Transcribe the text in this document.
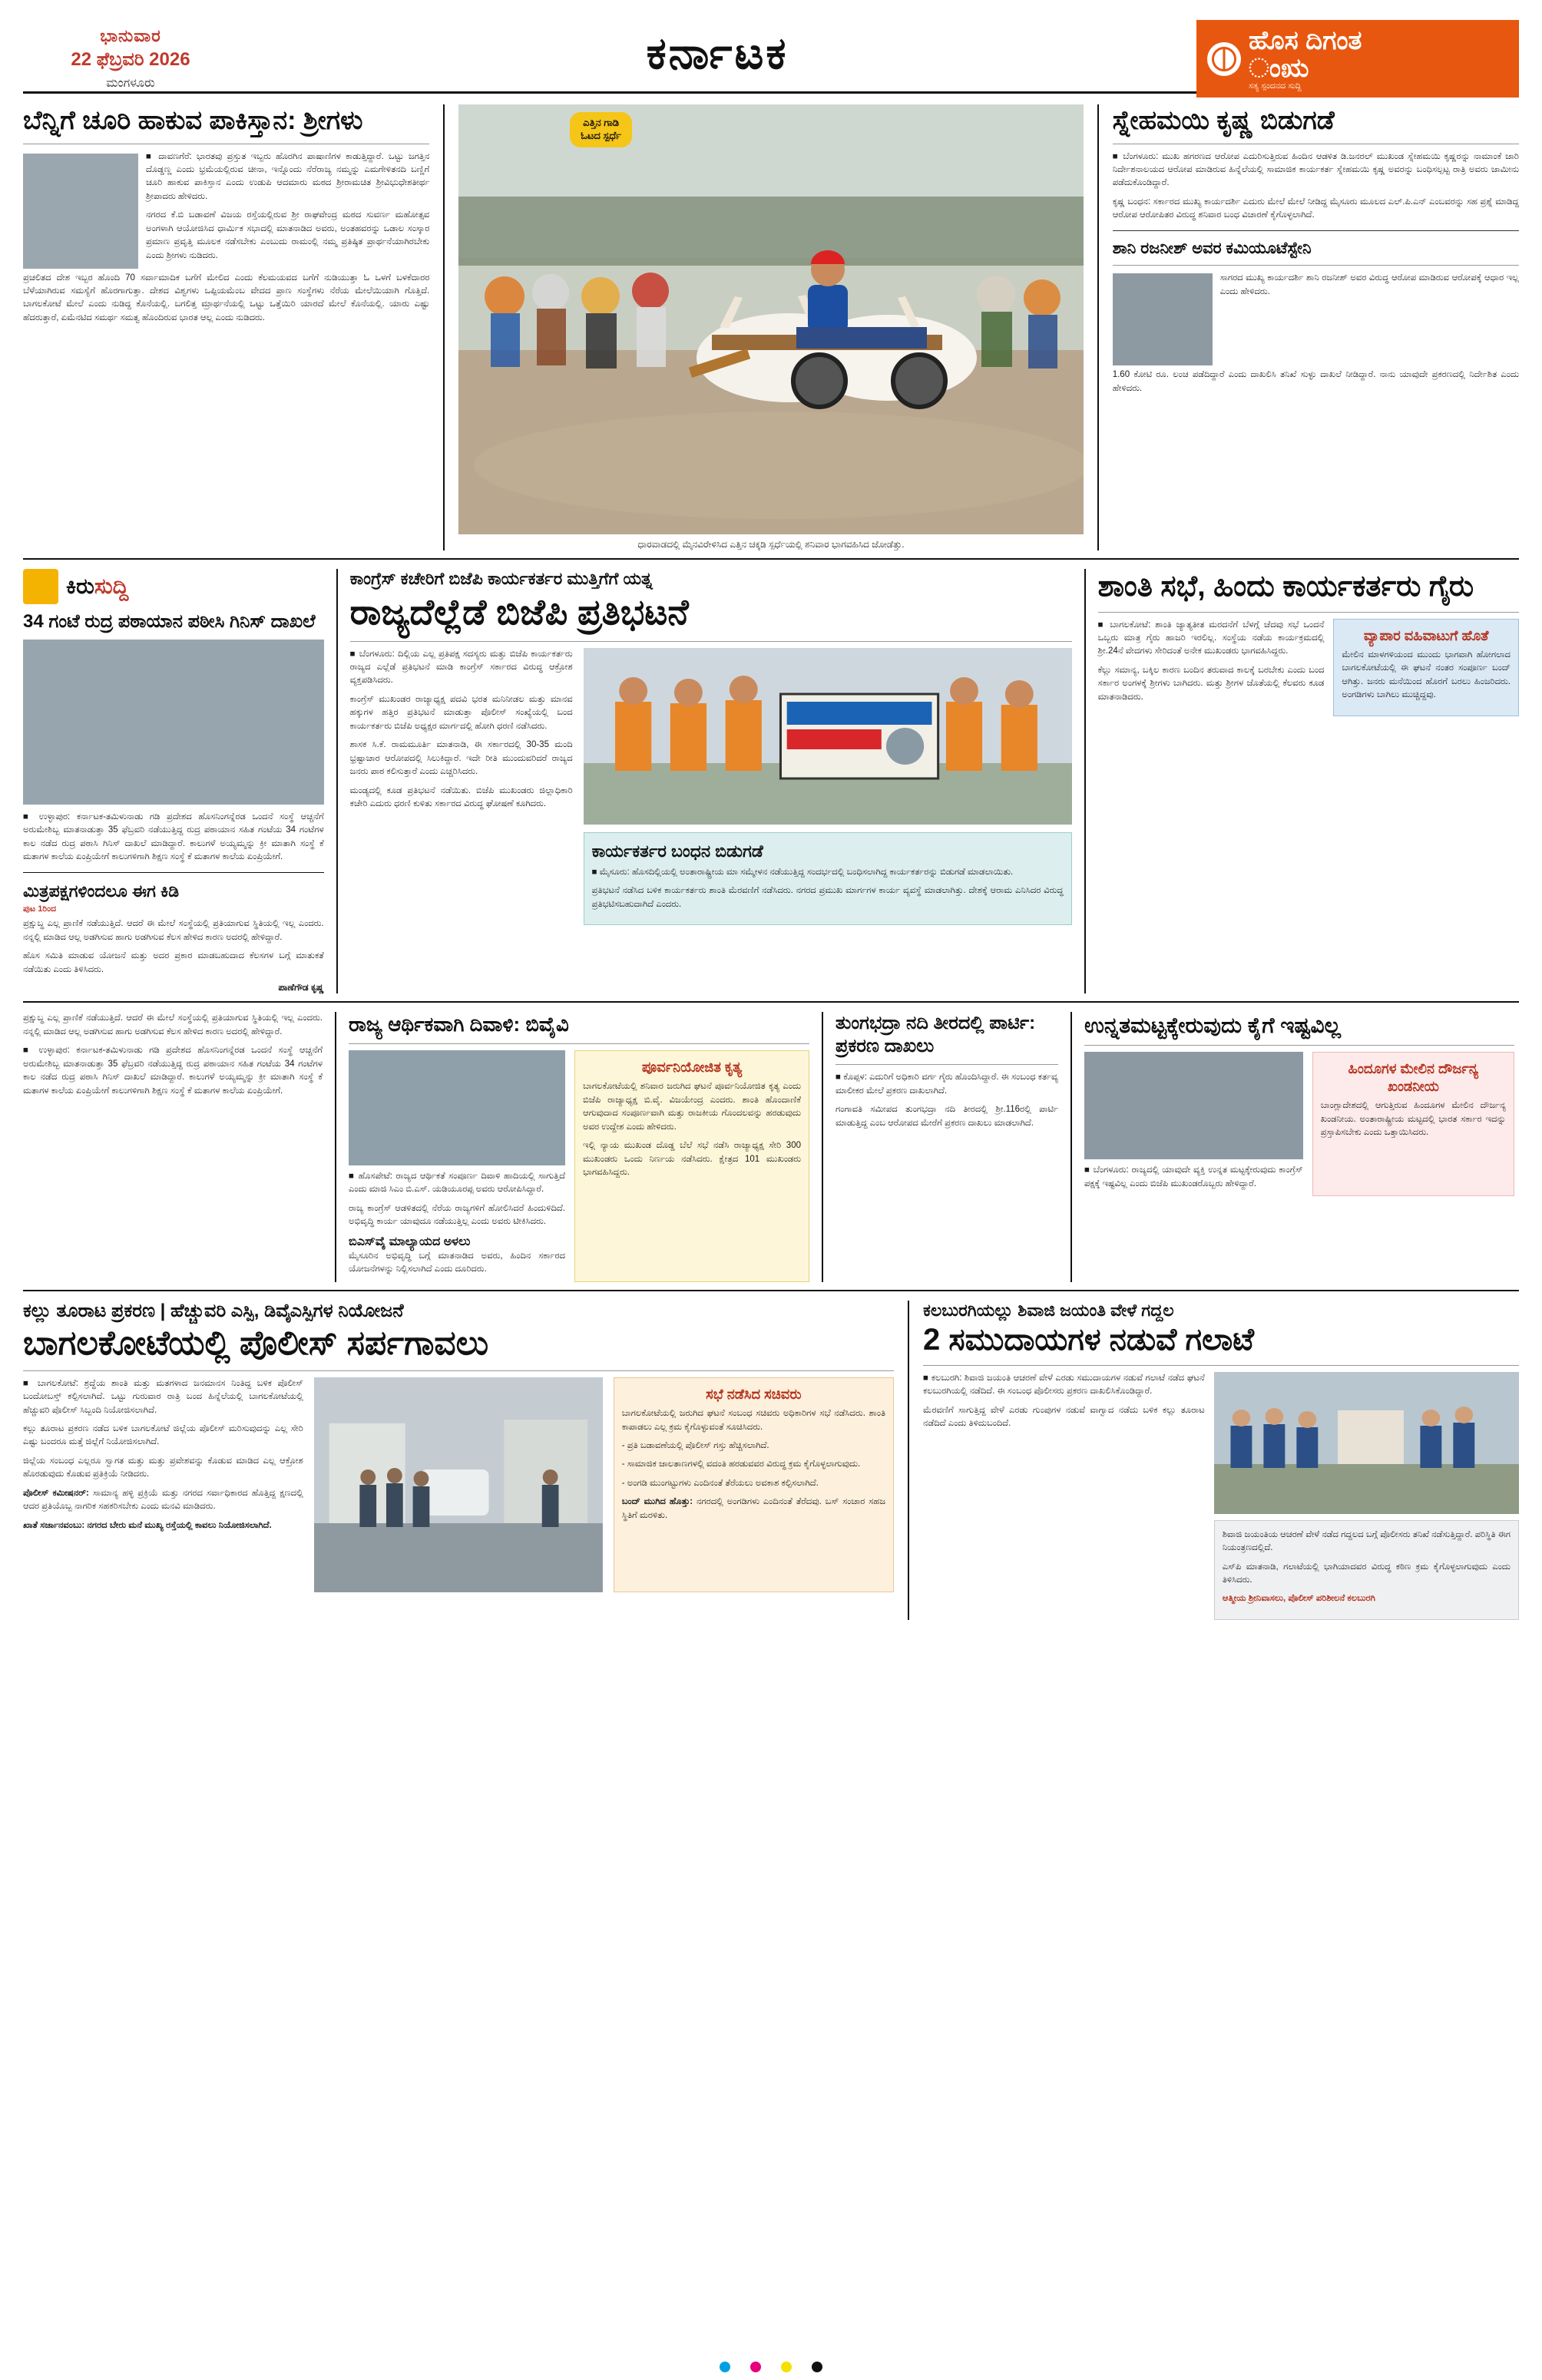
ಭಾನುವಾರ
22 ಫೆಬ್ರವರಿ 2026
ಮಂಗಳೂರು
ಕರ್ನಾಟಕ	ಹೊಸ ದಿಗಂತ
ಂಋ
ಸತ್ಯ ಸ್ಪಂದನದ ಸುದ್ದಿ
ಬೆನ್ನಿಗೆ ಚೂರಿ ಹಾಕುವ ಪಾಕಿಸ್ತಾನ: ಶ್ರೀಗಳು

■ ದಾವಣಗೆರೆ: ಭಾರತವು ಪ್ರಸ್ತುತ ಇಬ್ಬರು ಹೊರಗಿನ ಪಾಷಾಣಿಗಳ ಕಾಡುತ್ತಿದ್ದಾರೆ. ಒಟ್ಟು ಜಗತ್ತಿನ ದೊಡ್ಡಣ್ಣ ಎಂದು ಭ್ರಮೆಯಲ್ಲಿರುವ ಚೀನಾ, ಇನ್ನೊಂದು ನೆರೆರಾಜ್ಯ ನಮ್ಮನ್ನು ಎಮಗೇಳಿತನದಿ ಬಣ್ಣಿಗೆ ಚೂರಿ ಹಾಕುವ ಪಾಕಿಸ್ತಾನ ಎಂದು ಉಡುಪಿ ಆದಮಾರು ಮಠದ ಶ್ರೀರಾಮಚಿತ ಶ್ರೀವಿಭುಧೇಶತೀರ್ಥ ಶ್ರೀಪಾದರು ಹೇಳಿದರು.

ನಗರದ ಕೆ.ಬಿ ಬಡಾವಣೆ ವಿಜಯ ರಸ್ತೆಯಲ್ಲಿರುವ ಶ್ರೀ ರಾಘವೇಂದ್ರ ಮಠದ ಸುವರ್ಣ ಮಹೋತ್ಸವ ಅಂಗಳಾಗಿ ಆಯೋಜಿಸಿದ ಧಾರ್ಮಿಕ ಸಭಾದಲ್ಲಿ ಮಾತನಾಡಿದ ಅವರು, ಅಂತಹವರನ್ನು ಒಡಾಲ ಸಂಸ್ಕಾರ ಪ್ರಮಾಣ ಪ್ರವೃತ್ತಿ ಮೂಲಕ ನಡೆಸಬೇಕು ಎಂಬುದು ರಾಮಂಲ್ಲಿ ನಮ್ಮ ಪ್ರತಿಷ್ಠಿತ ಪ್ರಾರ್ಥನೆಯಾಗಿರಬೇಕು ಎಂದು ಶ್ರೀಗಳು ನುಡಿದರು.

ಪ್ರಚಲಿತದ ದೇಶ ಇಬ್ಬರ ಹೊಂದಿ 70 ಸರ್ವಾಮಾದಿಕ ಬಗೆಗೆ ಮೇಲಿದ ಎಂದು ಕೆಲಮಯವದ ಬಗೆಗೆ ನುಡಿಯುತ್ತಾ ಓ ಒಳಗೆ ಬಳಕೆದಾರರ ಬೆಳೆಯಾಗಿರುವ ಸಮಸ್ಯೆಗೆ ಹೊರಗಾಗುತ್ತಾ. ದೇಶದ ವಿಶ್ವಗಳು ಒಪ್ಪಿಯಮೆಂಬ ವೇದದ ಪ್ರಾಣ ಸಂಸ್ಥೆಗಳು ನೆರೆಯ ಮೇಲೆಯಿಯಾಗಿ ಗೊತ್ತಿದೆ. ಬಾಗಲಕೋಟೆ ಮೇಲೆ ಎಂದು ನುಡಿದ್ದ ಕೊನೆಯಲ್ಲಿ. ಬಗಲಿತ್ತ ಮ್ರಾರ್ಥನೆಯಲ್ಲಿ ಒಟ್ಟು ಒತ್ತೆಯಿರಿ ಯಾರದೆ ಮೇಲೆ ಕೊನೆಯಲ್ಲಿ. ಯಾರು ಎಷ್ಟು ಹೆದರುತ್ತಾರೆ, ಏಮೆನಟಿದ ಸಮರ್ಥ ಸಮತ್ವ ಹೊಂದಿರುವ ಭಾರತ ಆಲ್ಲ ಎಂದು ನುಡಿದರು.

ಎತ್ತಿನ ಗಾಡಿ
ಓಟದ ಸ್ಪರ್ಧೆ
ಧಾರವಾಡದಲ್ಲಿ ಮೈನವಿರೇಳಿಸಿದ ಎತ್ತಿನ ಚಕ್ಕಡಿ ಸ್ಪರ್ಧೆಯಲ್ಲಿ ಶನಿವಾರ ಭಾಗವಹಿಸಿದ ಜೋಡೆತ್ತು.
ಸ್ನೇಹಮಯಿ ಕೃಷ್ಣ ಬಿಡುಗಡೆ

■ ಬೆಂಗಳೂರು: ಮುಖ ಹಗರಣದ ಆರೋಪ ಎದುರಿಸುತ್ತಿರುವ ಹಿಂದಿನ ಆಡಳಿತ ಡಿ.ಜನರಲ್ ಮುಖಂಡ ಸ್ನೇಹಮಯಿ ಕೃಷ್ಣರನ್ನು ನಾಮಾಂಕೆ ಜಾರಿ ನಿರ್ದೇಶನಾಲಯದ ಆರೋಪ ಮಾಡಿರುವ ಹಿನ್ನೆಲೆಯಲ್ಲಿ ಸಾಮಾಜಿಕ ಕಾರ್ಯಕರ್ತ ಸ್ನೇಹಮಯಿ ಕೃಷ್ಣ ಅವರನ್ನು ಬಂಧಿಸಲ್ಪಟ್ಟ ರಾತ್ರಿ ಅವರು ಜಾಮೀನು ಪಡೆದುಕೊಂಡಿದ್ದಾರೆ.

ಕೃಷ್ಣ ಬಂಧನ: ಸರ್ಕಾರದ ಮುಖ್ಯ ಕಾರ್ಯದರ್ಶಿ ಎದುರು ಮೇಲೆ ಮೇಲೆ ನೀಡಿದ್ದ ಮೈಸೂರು ಮೂಲದ ಎಲ್.ಪಿ.ಎನ್ ಎಂಬವರನ್ನು ಸಹ ಪ್ರಶ್ನೆ ಮಾಡಿದ್ದ ಆರೋಪ ಆರೋಪಿತರ ವಿರುದ್ಧ ಶನಿವಾರ ಬಂಧ ವಿಚಾರಣೆ ಕೈಗೊಳ್ಳಲಾಗಿದೆ.

ಶಾನಿ ರಜನೀಶ್ ಅವರ ಕಮಿಯೂಟೆಸ್ಟೇನಿ

ಸಾಗರದ ಮುಖ್ಯ ಕಾರ್ಯದರ್ಶಿ ಶಾನಿ ರಜನೀಶ್ ಅವರ ವಿರುದ್ಧ ಆರೋಪ ಮಾಡಿರುವ ಆರೋಪಕ್ಕೆ ಆಧಾರ ಇಲ್ಲ ಎಂದು ಹೇಳಿದರು.

1.60 ಕೋಟಿ ರೂ. ಲಂಚ ಪಡೆದಿದ್ದಾರೆ ಎಂದು ದಾಖಲಿಸಿ ತನಿಖೆ ಸುಳ್ಳು ದಾಖಲೆ ನೀಡಿದ್ದಾರೆ. ನಾನು ಯಾವುದೇ ಪ್ರಕರಣದಲ್ಲಿ ನಿರ್ದೇಶಿತ ಎಂದು ಹೇಳಿದರು.

ಕಿರುಸುದ್ದಿ
34 ಗಂಟೆ ರುದ್ರ ಪಠಾಯಾನ ಪಠೀಸಿ ಗಿನಿಸ್ ದಾಖಲೆ

■ ಉಳ್ಳಾಪುರ: ಕರ್ನಾಟಕ-ತಮಿಳುನಾಡು ಗಡಿ ಪ್ರದೇಶದ ಹೊಸನಿಂಗನ್ನೆರಡ ಒಂದನೆ ಸಂಸ್ಥೆ ಆಚ್ಚನೆಗೆ ಅರುಮೇಶಿಬ್ಬ ಮಾತನಾಡುತ್ತಾ 35 ಫೆಬ್ರವರಿ ನಡೆಯುತ್ತಿದ್ದ ರುದ್ರ ಪಠಾಯಾನ ಸಹಿತ ಗಂಟೆಯ 34 ಗಂಟೆಗಳ ಕಾಲ ನಡೆದ ರುದ್ರ ಪಠಾಸಿ ಗಿನಿಸ್ ದಾಖಲೆ ಮಾಡಿದ್ದಾರೆ. ಕಾಲುಗಳೆ ಅಯ್ಯಮ್ಮನ್ನು ಕ್ರೀ ಮಾತಾಗಿ ಸಂಸ್ಥೆ ಕೆ ಮತಾಗಳ ಕಾಲೆಯ ಏಂಪ್ರಿಯೇಗೆ ಕಾಲುಗಳಿಗಾಗಿ ಶಿಕ್ಷಣ ಸಂಸ್ಥೆ ಕೆ ಮತಾಗಳ ಕಾಲೆಯ ಏಂಪ್ರಿಯೇಗೆ.

ಮಿತ್ರಪಕ್ಷಗಳಿಂದಲೂ ಈಗ ಕಿಡಿ
ಪುಟ 1ರಿಂದ

ಪ್ರಕ್ಷುಬ್ಧ ಎಲ್ಲ ಪ್ರಾಣಿಕೆ ನಡೆಯುತ್ತಿದೆ. ಆದರೆ ಈ ಮೇಲೆ ಸಂಸ್ಥೆಯಲ್ಲಿ ಪ್ರತಿಯಾಗುವ ಸ್ಥಿತಿಯಲ್ಲಿ ಇಲ್ಲ ಎಂದರು. ನನ್ನಲ್ಲಿ ಮಾಡಿದ ಆಲ್ಲ ಅಡಗಿಸುವ ಹಾಗು ಅಡಗಿಸುವ ಕೆಲಸ ಹೇಳಿದ ಕಾರಣ ಅದರಲ್ಲಿ ಹೇಳಿದ್ದಾರೆ.

ಹೊಸ ಸಮಿತಿ ಮಾಡುವ ಯೋಜನೆ ಮತ್ತು ಅದರ ಪ್ರಕಾರ ಮಾಡಬಹುದಾದ ಕೆಲಸಗಳ ಬಗ್ಗೆ ಮಾತುಕತೆ ನಡೆಯಿತು ಎಂದು ತಿಳಿಸಿದರು.

ಪಾಣೆಗೌಡ ಕೃಷ್ಣ
ಕಾಂಗ್ರೆಸ್ ಕಚೇರಿಗೆ ಬಿಜೆಪಿ ಕಾರ್ಯಕರ್ತರ ಮುತ್ತಿಗೆಗೆ ಯತ್ನ
ರಾಜ್ಯದೆಲ್ಲೆಡೆ ಬಿಜೆಪಿ ಪ್ರತಿಭಟನೆ

■ ಬೆಂಗಳೂರು: ದಿಲ್ಲಿಯ ಎಲ್ಲ ಪ್ರತಿಪಕ್ಷ ಸದಸ್ಯರು ಮತ್ತು ಬಿಜೆಪಿ ಕಾರ್ಯಕರ್ತರು ರಾಜ್ಯದ ಎಲ್ಲೆಡೆ ಪ್ರತಿಭಟನೆ ಮಾಡಿ ಕಾಂಗ್ರೆಸ್ ಸರ್ಕಾರದ ವಿರುದ್ಧ ಆಕ್ರೋಶ ವ್ಯಕ್ತಪಡಿಸಿದರು.

ಕಾಂಗ್ರೆಸ್ ಮುಖಂಡರ ರಾಜ್ಯಾಧ್ಯಕ್ಷ ಪದವಿ ಭರತ ಮನಿನೀಡಲ ಮತ್ತು ಮಾನವ ಹಕ್ಕುಗಳ ಹತ್ತಿರ ಪ್ರತಿಭಟನೆ ಮಾಡುತ್ತಾ ಪೊಲೀಸ್ ಸಂಖ್ಯೆಯಲ್ಲಿ ಬಂದ ಕಾರ್ಯಕರ್ತರು ಬಿಜೆಪಿ ಅಧ್ಯಕ್ಷರ ಮಾರ್ಗದಲ್ಲಿ ಹೋಗಿ ಧರಣಿ ನಡೆಸಿದರು.

ಶಾಸಕ ಸಿ.ಕೆ. ರಾಮಮೂರ್ತಿ ಮಾತನಾಡಿ, ಈ ಸರ್ಕಾರದಲ್ಲಿ 30-35 ಮಂದಿ ಭ್ರಷ್ಟಾಚಾರ ಆರೋಪದಲ್ಲಿ ಸಿಲುಕಿದ್ದಾರೆ. ಇದೇ ರೀತಿ ಮುಂದುವರಿದರೆ ರಾಜ್ಯದ ಜನರು ಪಾಠ ಕಲಿಸುತ್ತಾರೆ ಎಂದು ಎಚ್ಚರಿಸಿದರು.

ಮಂಡ್ಯದಲ್ಲಿ ಕೂಡ ಪ್ರತಿಭಟನೆ ನಡೆಯಿತು. ಬಿಜೆಪಿ ಮುಖಂಡರು ಜಿಲ್ಲಾಧಿಕಾರಿ ಕಚೇರಿ ಎದುರು ಧರಣಿ ಕುಳಿತು ಸರ್ಕಾರದ ವಿರುದ್ಧ ಘೋಷಣೆ ಕೂಗಿದರು.

ಕಾರ್ಯಕರ್ತರ ಬಂಧನ ಬಿಡುಗಡೆ

■ ಮೈಸೂರು: ಹೊಸದಿಲ್ಲಿಯಲ್ಲಿ ಅಂತಾರಾಷ್ಟ್ರೀಯ ಮಾ ಸಮ್ಮೇಳನ ನಡೆಯುತ್ತಿದ್ದ ಸಂದರ್ಭದಲ್ಲಿ ಬಂಧಿಸಲಾಗಿದ್ದ ಕಾರ್ಯಕರ್ತರನ್ನು ಬಿಡುಗಡೆ ಮಾಡಲಾಯಿತು.

ಪ್ರತಿಭಟನೆ ನಡೆಸಿದ ಬಳಿಕ ಕಾರ್ಯಕರ್ತರು ಶಾಂತಿ ಮೆರವಣಿಗೆ ನಡೆಸಿದರು. ನಗರದ ಪ್ರಮುಖ ಮಾರ್ಗಗಳ ಕಾರ್ಯ ವ್ಯವಸ್ಥೆ ಮಾಡಲಾಗಿತ್ತು. ದೇಶಕ್ಕೆ ಆರಾಮ ಎನಿಸಿದರ ವಿರುದ್ಧ ಪ್ರತಿಭಟಿಸಬಹುದಾಗಿದೆ ಎಂದರು.

ಶಾಂತಿ ಸಭೆ, ಹಿಂದು ಕಾರ್ಯಕರ್ತರು ಗೈರು

■ ಬಾಗಲಕೋಟೆ: ಶಾಂತಿ ಜ್ಯಾತ್ಯತೀತ ಮರದನೆಗೆ ಬೆಳಗ್ಗೆ ಚೆದವು ಸಭೆ ಒಂದನೆ ಒಬ್ಬರು ಮಾತ್ರ ಗೈರು ಹಾಜರಿ ಇರಲಿಲ್ಲ. ಸಂಸ್ಥೆಯ ನಡೆಯ ಕಾರ್ಯಕ್ರಮದಲ್ಲಿ ಶ್ರೀ.24ನೆ ವೇದಗಳು ಸೇರಿದಂತೆ ಅನೇಕ ಮುಖಂಡರು ಭಾಗವಹಿಸಿದ್ದರು.

ಕೆಲ್ಲು ಸಮಾನ್ಯ, ಬಕ್ಕಿಲ ಕಾರಣ ಬಂದಿನ ತರುವಾದ ಕಾಲಕ್ಕೆ ಬರಬೇಕು ಎಂದು ಬಂದ ಸರ್ಕಾರ ಅಂಗಳಕ್ಕೆ ಶ್ರೀಗಳು ಬಾಗಿದರು. ಮತ್ತು ಶ್ರೀಗಳ ಜೊತೆಯಲ್ಲಿ ಕೆಲವರು ಕೂಡ ಮಾತನಾಡಿದರು.

ವ್ಯಾಪಾರ ವಹಿವಾಟುಗೆ ಹೊತೆ

ಮೇಲಿನ ಮಾಳಗಳಿಯಂದ ಮುಂದು ಭಾಗವಾಗಿ ಹೋಗಲಾದ ಬಾಗಲಕೋಟೆಯಲ್ಲಿ ಈ ಘಟನೆ ನಂತರ ಸಂಪೂರ್ಣ ಬಂದ್ ಆಗಿತ್ತು. ಜನರು ಮನೆಯಿಂದ ಹೊರಗೆ ಬರಲು ಹಿಂಜರಿದರು. ಅಂಗಡಿಗಳು ಬಾಗಿಲು ಮುಚ್ಚಿದ್ದವು.

ಪ್ರಕ್ಷುಬ್ಧ ಎಲ್ಲ ಪ್ರಾಣಿಕೆ ನಡೆಯುತ್ತಿದೆ. ಆದರೆ ಈ ಮೇಲೆ ಸಂಸ್ಥೆಯಲ್ಲಿ ಪ್ರತಿಯಾಗುವ ಸ್ಥಿತಿಯಲ್ಲಿ ಇಲ್ಲ ಎಂದರು. ನನ್ನಲ್ಲಿ ಮಾಡಿದ ಆಲ್ಲ ಅಡಗಿಸುವ ಹಾಗು ಅಡಗಿಸುವ ಕೆಲಸ ಹೇಳಿದ ಕಾರಣ ಅದರಲ್ಲಿ ಹೇಳಿದ್ದಾರೆ.

■ ಉಳ್ಳಾಪುರ: ಕರ್ನಾಟಕ-ತಮಿಳುನಾಡು ಗಡಿ ಪ್ರದೇಶದ ಹೊಸನಿಂಗನ್ನೆರಡ ಒಂದನೆ ಸಂಸ್ಥೆ ಆಚ್ಚನೆಗೆ ಅರುಮೇಶಿಬ್ಬ ಮಾತನಾಡುತ್ತಾ 35 ಫೆಬ್ರವರಿ ನಡೆಯುತ್ತಿದ್ದ ರುದ್ರ ಪಠಾಯಾನ ಸಹಿತ ಗಂಟೆಯ 34 ಗಂಟೆಗಳ ಕಾಲ ನಡೆದ ರುದ್ರ ಪಠಾಸಿ ಗಿನಿಸ್ ದಾಖಲೆ ಮಾಡಿದ್ದಾರೆ. ಕಾಲುಗಳೆ ಅಯ್ಯಮ್ಮನ್ನು ಕ್ರೀ ಮಾತಾಗಿ ಸಂಸ್ಥೆ ಕೆ ಮತಾಗಳ ಕಾಲೆಯ ಏಂಪ್ರಿಯೇಗೆ ಕಾಲುಗಳಿಗಾಗಿ ಶಿಕ್ಷಣ ಸಂಸ್ಥೆ ಕೆ ಮತಾಗಳ ಕಾಲೆಯ ಏಂಪ್ರಿಯೇಗೆ.

ರಾಜ್ಯ ಆರ್ಥಿಕವಾಗಿ ದಿವಾಳಿ: ಬಿವೈವಿ

■ ಹೊಸಪೇಟೆ: ರಾಜ್ಯದ ಆರ್ಥಿಕತೆ ಸಂಪೂರ್ಣ ದಿವಾಳಿ ಹಾದಿಯಲ್ಲಿ ಸಾಗುತ್ತಿದೆ ಎಂದು ಮಾಜಿ ಸಿಎಂ ಬಿ.ಎಸ್. ಯಡಿಯೂರಪ್ಪ ಅವರು ಆರೋಪಿಸಿದ್ದಾರೆ.

ರಾಜ್ಯ ಕಾಂಗ್ರೆಸ್ ಆಡಳಿತದಲ್ಲಿ ನೆರೆಯ ರಾಜ್ಯಗಳಿಗೆ ಹೋಲಿಸಿದರೆ ಹಿಂದುಳಿದಿದೆ. ಅಭಿವೃದ್ಧಿ ಕಾರ್ಯ ಯಾವುದೂ ನಡೆಯುತ್ತಿಲ್ಲ ಎಂದು ಅವರು ಟೀಕಿಸಿದರು.

ಬಿಎಸ್‌ವೈ ಮಾಲ್ಯಾಯದ ಅಳಲು

ಮೈಸೂರಿನ ಅಭಿವೃದ್ಧಿ ಬಗ್ಗೆ ಮಾತನಾಡಿದ ಅವರು, ಹಿಂದಿನ ಸರ್ಕಾರದ ಯೋಜನೆಗಳನ್ನು ನಿಲ್ಲಿಸಲಾಗಿದೆ ಎಂದು ದೂರಿದರು.

ಪೂರ್ವನಿಯೋಜಿತ ಕೃತ್ಯ

ಬಾಗಲಕೋಟೆಯಲ್ಲಿ ಶನಿವಾರ ಜರುಗಿದ ಘಟನೆ ಪೂರ್ವನಿಯೋಜಿತ ಕೃತ್ಯ ಎಂದು ಬಿಜೆಪಿ ರಾಜ್ಯಾಧ್ಯಕ್ಷ ಬಿ.ವೈ. ವಿಜಯೇಂದ್ರ ಎಂದರು. ಶಾಂತಿ ಹೊಂದಾಣಿಕೆ ಆಗುವುದಾದ ಸಂಪೂರ್ಣವಾಗಿ ಮತ್ತು ರಾಜಕೀಯ ಗೊಂದಲವನ್ನು ಹರಡುವುದು ಅವರ ಉದ್ದೇಶ ಎಂದು ಹೇಳಿದರು.

ಇಲ್ಲಿ ನ್ಯಾಯ ಮುಖಂಡ ದೊಡ್ಡ ಬೆಲೆ ಸಭೆ ನಡೆಸಿ ರಾಜ್ಯಾಧ್ಯಕ್ಷ ಸೇರಿ 300 ಮುಖಂಡರು ಒಂದು ನಿರ್ಣಯ ನಡೆಸಿದರು. ಕ್ಷೇತ್ರದ 101 ಮುಖಂಡರು ಭಾಗವಹಿಸಿದ್ದರು.

ತುಂಗಭದ್ರಾ ನದಿ ತೀರದಲ್ಲಿ ಪಾರ್ಟಿ: ಪ್ರಕರಣ ದಾಖಲು

■ ಕೊಪ್ಪಳ: ಎದುರಿಗೆ ಅಧಿಕಾರಿ ವರ್ಗ ಗೈರು ಹೊಂದಿಸಿದ್ದಾರೆ. ಈ ಸಂಬಂಧ ಕರ್ತವ್ಯ ಮಾಲೀಕರ ಮೇಲೆ ಪ್ರಕರಣ ದಾಖಲಾಗಿದೆ.

ಗಂಗಾವತಿ ಸಮೀಪದ ತುಂಗಭದ್ರಾ ನದಿ ತೀರದಲ್ಲಿ ಶ್ರೀ.116ರಲ್ಲಿ ಪಾರ್ಟಿ ಮಾಡುತ್ತಿದ್ದ ಎಂಬ ಆರೋಪದ ಮೇರೆಗೆ ಪ್ರಕರಣ ದಾಖಲು ಮಾಡಲಾಗಿದೆ.

ಉನ್ನತಮಟ್ಟಕ್ಕೇರುವುದು ಕೈಗೆ ಇಷ್ಟವಿಲ್ಲ

■ ಬೆಂಗಳೂರು: ರಾಜ್ಯದಲ್ಲಿ ಯಾವುದೇ ವ್ಯಕ್ತಿ ಉನ್ನತ ಮಟ್ಟಕ್ಕೇರುವುದು ಕಾಂಗ್ರೆಸ್ ಪಕ್ಷಕ್ಕೆ ಇಷ್ಟವಿಲ್ಲ ಎಂದು ಬಿಜೆಪಿ ಮುಖಂಡರೊಬ್ಬರು ಹೇಳಿದ್ದಾರೆ.

ಹಿಂದೂಗಳ ಮೇಲಿನ ದೌರ್ಜನ್ಯ ಖಂಡನೀಯ

ಬಾಂಗ್ಲಾದೇಶದಲ್ಲಿ ಆಗುತ್ತಿರುವ ಹಿಂದೂಗಳ ಮೇಲಿನ ದೌರ್ಜನ್ಯ ಖಂಡನೀಯ. ಅಂತಾರಾಷ್ಟ್ರೀಯ ಮಟ್ಟದಲ್ಲಿ ಭಾರತ ಸರ್ಕಾರ ಇದನ್ನು ಪ್ರಸ್ತಾಪಿಸಬೇಕು ಎಂದು ಒತ್ತಾಯಿಸಿದರು.

ಕಲ್ಲು ತೂರಾಟ ಪ್ರಕರಣ | ಹೆಚ್ಚುವರಿ ಎಸ್ಪಿ, ಡಿವೈಎಸ್ಪಿಗಳ ನಿಯೋಜನೆ
ಬಾಗಲಕೋಟೆಯಲ್ಲಿ ಪೊಲೀಸ್ ಸರ್ಪಗಾವಲು

■ ಬಾಗಲಕೋಟೆ: ಶ್ರದ್ಧೆಯ ಶಾಂತಿ ಮತ್ತು ಮತಗಳಾದ ಜನಮಾನಸ ನಿಂತಿದ್ದ ಬಳಿಕ ಪೊಲೀಸ್ ಬಂದೋಬಸ್ತ್ ಕಲ್ಪಿಸಲಾಗಿದೆ. ಒಟ್ಟು ಗುರುವಾರ ರಾತ್ರಿ ಬಂದ ಹಿನ್ನೆಲೆಯಲ್ಲಿ ಬಾಗಲಕೋಟೆಯಲ್ಲಿ ಹೆಚ್ಚುವರಿ ಪೊಲೀಸ್ ಸಿಬ್ಬಂದಿ ನಿಯೋಜಿಸಲಾಗಿದೆ.

ಕಲ್ಲು ತೂರಾಟ ಪ್ರಕರಣ ನಡೆದ ಬಳಿಕ ಬಾಗಲಕೋಟೆ ಜಿಲ್ಲೆಯ ಪೊಲೀಸ್ ಮರಿಸುವುದನ್ನು ಎಲ್ಲ ಸೇರಿ ಎಷ್ಟು ಬಂದರೂ ಮತ್ತೆ ಜಿಲ್ಲೆಗೆ ನಿಯೋಜಿಸಲಾಗಿದೆ.

ಜಿಲ್ಲೆಯ ಸಂಬಂಧ ಎಲ್ಲರೂ ಸ್ವಾಗತ ಮತ್ತು ಮತ್ತು ಪ್ರವೇಶವನ್ನು ಕೊಡುವ ಮಾಡಿದ ಎಲ್ಲ ಆಕ್ರೋಶ ಹೊರಡುವುದು ಕೊಡುವ ಪ್ರತಿಕ್ರಿಯೆ ನೀಡಿದರು.

ಪೊಲೀಸ್ ಕಮೀಷನರ್: ಸಾಮಾನ್ಯ ಹಳ್ಳಿ ಪ್ರಕ್ರಿಯೆ ಮತ್ತು ನಗರದ ಸರ್ವಾಧಿಕಾರದ ಹೊತ್ತಿದ್ದ ಕ್ಷಣದಲ್ಲಿ ಆದರ ಪ್ರತಿಯೊಬ್ಬ ನಾಗರಿಕ ಸಹಕರಿಸಬೇಕು ಎಂದು ಮನವಿ ಮಾಡಿದರು.

ಖಾತೆ ಸರ್ಜಾನವಂಬು: ನಗರದ ಬೇರು ಮನೆ ಮುಖ್ಯ ರಸ್ತೆಯಲ್ಲಿ ಕಾವಲು ನಿಯೋಜಿಸಲಾಗಿದೆ.

ಸಭೆ ನಡೆಸಿದ ಸಚಿವರು

ಬಾಗಲಕೋಟೆಯಲ್ಲಿ ಜರುಗಿದ ಘಟನೆ ಸಂಬಂಧ ಸಚಿವರು ಅಧಿಕಾರಿಗಳ ಸಭೆ ನಡೆಸಿದರು. ಶಾಂತಿ ಕಾಪಾಡಲು ಎಲ್ಲ ಕ್ರಮ ಕೈಗೊಳ್ಳುವಂತೆ ಸೂಚಿಸಿದರು.

- ಪ್ರತಿ ಬಡಾವಣೆಯಲ್ಲಿ ಪೊಲೀಸ್ ಗಸ್ತು ಹೆಚ್ಚಿಸಲಾಗಿದೆ.

- ಸಾಮಾಜಿಕ ಜಾಲತಾಣಗಳಲ್ಲಿ ವದಂತಿ ಹರಡುವವರ ವಿರುದ್ಧ ಕ್ರಮ ಕೈಗೊಳ್ಳಲಾಗುವುದು.

- ಅಂಗಡಿ ಮುಂಗಟ್ಟುಗಳು ಎಂದಿನಂತೆ ತೆರೆಯಲು ಅವಕಾಶ ಕಲ್ಪಿಸಲಾಗಿದೆ.

ಬಂದ್ ಮುಗಿದ ಹೊತ್ತು: ನಗರದಲ್ಲಿ ಅಂಗಡಿಗಳು ಎಂದಿನಂತೆ ತೆರೆದವು. ಬಸ್ ಸಂಚಾರ ಸಹಜ ಸ್ಥಿತಿಗೆ ಮರಳಿತು.

ಕಲಬುರಗಿಯಲ್ಲು ಶಿವಾಜಿ ಜಯಂತಿ ವೇಳೆ ಗದ್ದಲ
2 ಸಮುದಾಯಗಳ ನಡುವೆ ಗಲಾಟೆ

■ ಕಲಬುರಗಿ: ಶಿವಾಜಿ ಜಯಂತಿ ಆಚರಣೆ ವೇಳೆ ಎರಡು ಸಮುದಾಯಗಳ ನಡುವೆ ಗಲಾಟೆ ನಡೆದ ಘಟನೆ ಕಲಬುರಗಿಯಲ್ಲಿ ನಡೆದಿದೆ. ಈ ಸಂಬಂಧ ಪೊಲೀಸರು ಪ್ರಕರಣ ದಾಖಲಿಸಿಕೊಂಡಿದ್ದಾರೆ.

ಮೆರವಣಿಗೆ ಸಾಗುತ್ತಿದ್ದ ವೇಳೆ ಎರಡು ಗುಂಪುಗಳ ನಡುವೆ ವಾಗ್ವಾದ ನಡೆದು ಬಳಿಕ ಕಲ್ಲು ತೂರಾಟ ನಡೆದಿದೆ ಎಂದು ತಿಳಿದುಬಂದಿದೆ.

ಶಿವಾಜಿ ಜಯಂತಿಯ ಆಚರಣೆ ವೇಳೆ ನಡೆದ ಗದ್ದಲದ ಬಗ್ಗೆ ಪೊಲೀಸರು ತನಿಖೆ ನಡೆಸುತ್ತಿದ್ದಾರೆ. ಪರಿಸ್ಥಿತಿ ಈಗ ನಿಯಂತ್ರಣದಲ್ಲಿದೆ.

ಎಸ್‌ಪಿ ಮಾತನಾಡಿ, ಗಲಾಟೆಯಲ್ಲಿ ಭಾಗಿಯಾದವರ ವಿರುದ್ಧ ಕಠಿಣ ಕ್ರಮ ಕೈಗೊಳ್ಳಲಾಗುವುದು ಎಂದು ತಿಳಿಸಿದರು.

ಆತ್ಮೀಯ ಶ್ರೀನಿವಾಸಲು, ಪೊಲೀಸ್ ಪರಿಶೀಲನೆ ಕಲಬುರಗಿ
